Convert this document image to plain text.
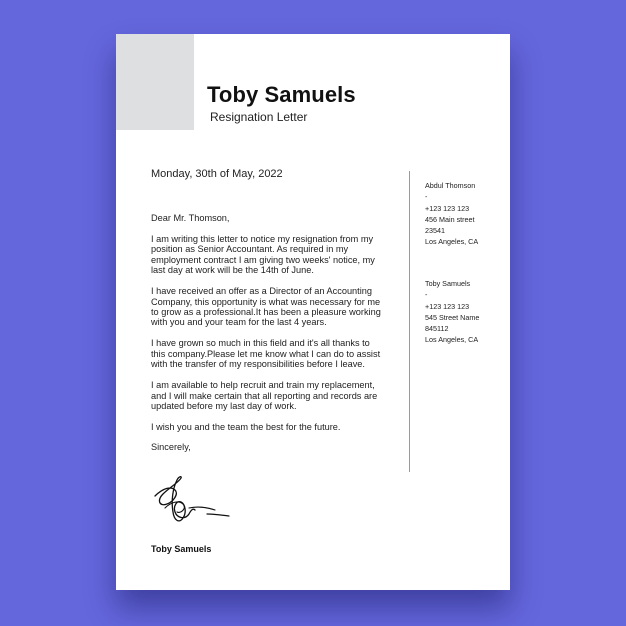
Toby Samuels
Resignation Letter
Monday, 30th of May, 2022

Dear Mr. Thomson,

I am writing this letter to notice my resignation from my position as Senior Accountant. As required in my employment contract I am giving two weeks' notice, my last day at work will be the 14th of June.

I have received an offer as a Director of an Accounting Company, this opportunity is what was necessary for me to grow as a professional.It has been a pleasure working with you and your team for the last 4 years.

I have grown so much in this field and it's all thanks to this company.Please let me know what I can do to assist with the transfer of my responsibilities before I leave.

I am available to help recruit and train my replacement, and I will make certain that all reporting and records are updated before my last day of work.

I wish you and the team the best for the future.

Sincerely,
Toby Samuels
Abdul Thomson
-
+123 123 123
456 Main street
23541
Los Angeles, CA
Toby Samuels
-
+123 123 123
545 Street Name
845112
Los Angeles, CA
